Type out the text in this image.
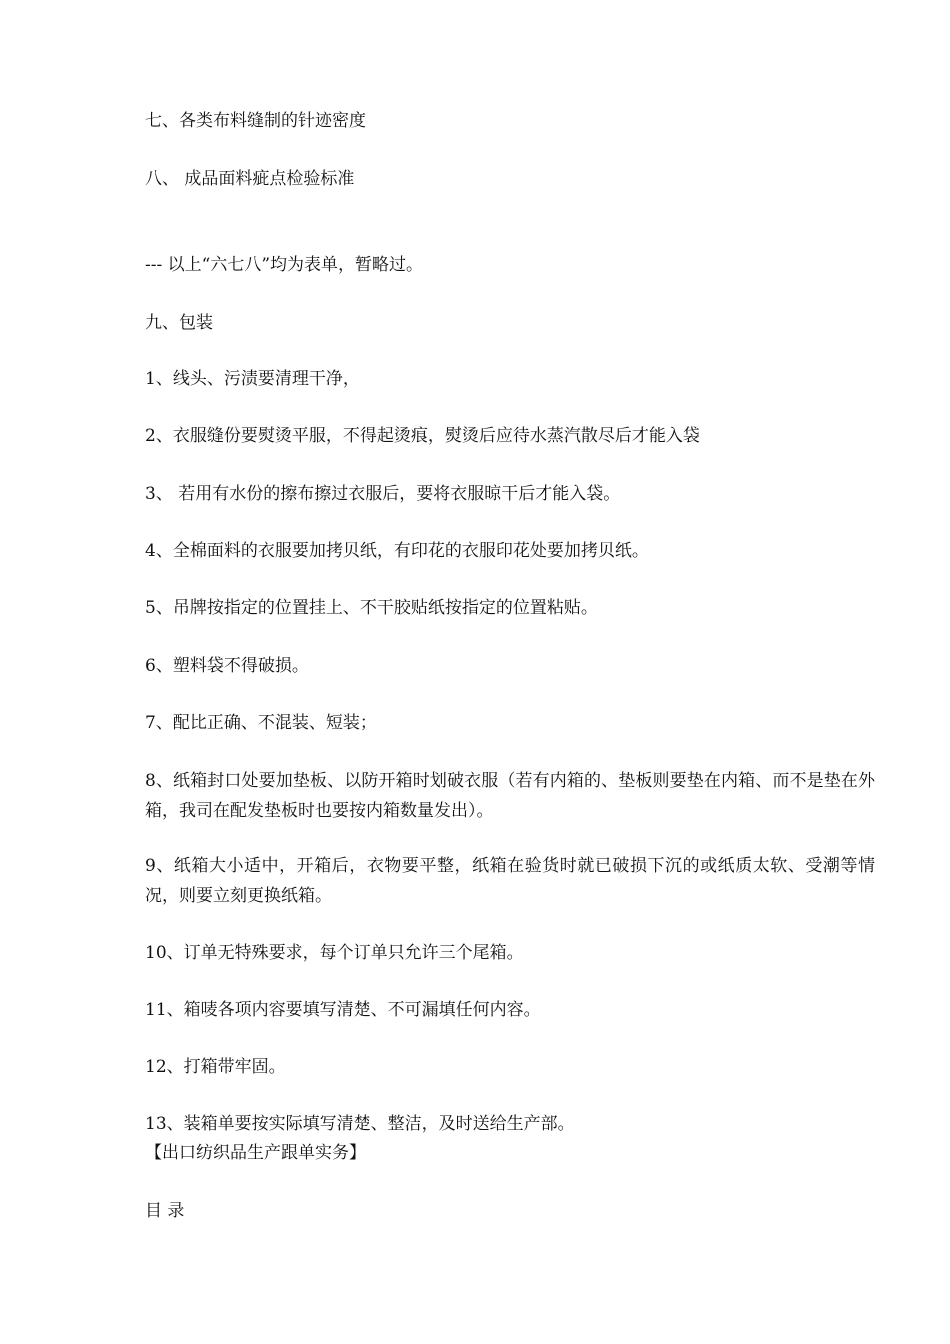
七、各类布料缝制的针迹密度
八、 成品面料疵点检验标准
--- 以上“六七八”均为表单，暂略过。
九、包装
1、线头、污渍要清理干净，
2、衣服缝份要熨烫平服，不得起烫痕，熨烫后应待水蒸汽散尽后才能入袋
3、 若用有水份的擦布擦过衣服后，要将衣服晾干后才能入袋。
4、全棉面料的衣服要加拷贝纸，有印花的衣服印花处要加拷贝纸。
5、吊牌按指定的位置挂上、不干胶贴纸按指定的位置粘贴。
6、塑料袋不得破损。
7、配比正确、不混装、短装；
8、纸箱封口处要加垫板、以防开箱时划破衣服（若有内箱的、垫板则要垫在内箱、而不是垫在外箱，我司在配发垫板时也要按内箱数量发出）。
9、纸箱大小适中，开箱后，衣物要平整，纸箱在验货时就已破损下沉的或纸质太软、受潮等情况，则要立刻更换纸箱。
10、订单无特殊要求，每个订单只允许三个尾箱。
11、箱唛各项内容要填写清楚、不可漏填任何内容。
12、打箱带牢固。
13、装箱单要按实际填写清楚、整洁，及时送给生产部。
【出口纺织品生产跟单实务】
目 录
